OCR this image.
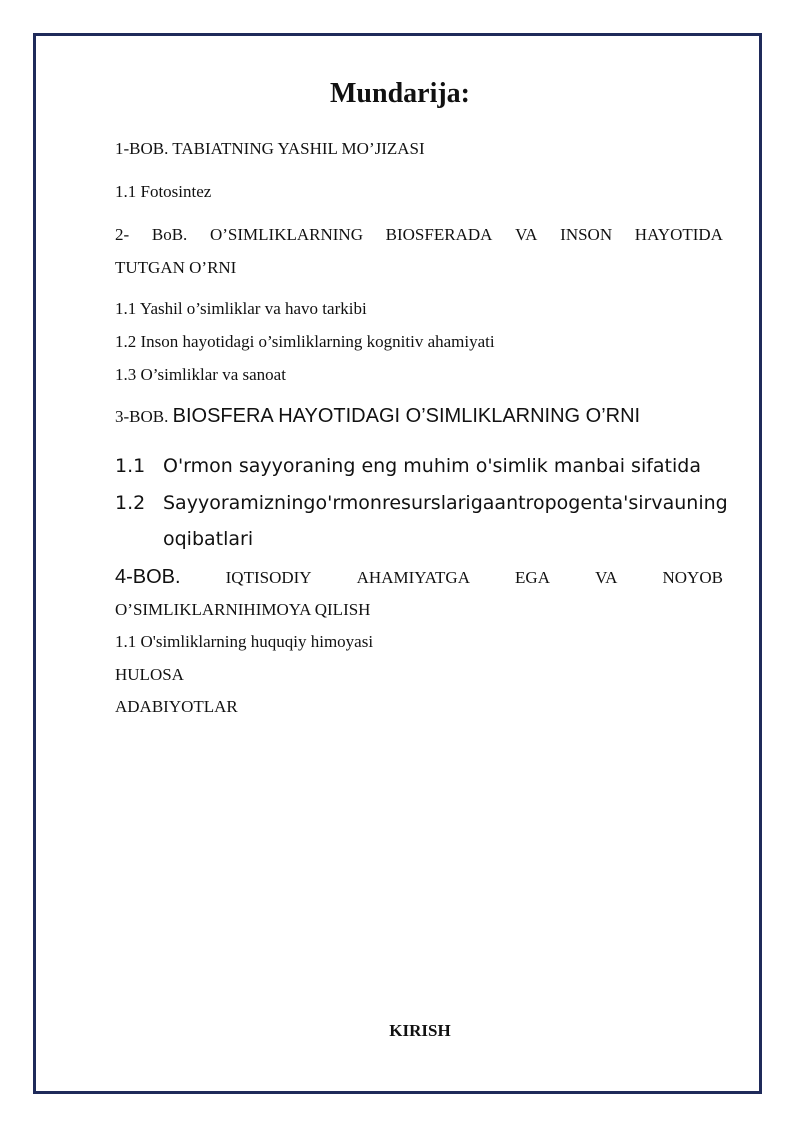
Mundarija:
1-BOB. TABIATNING YASHIL MO’JIZASI
1.1 Fotosintez
2- BoB. O’SIMLIKLARNING BIOSFERADA VA INSON HAYOTIDA
TUTGAN O’RNI
1.1 Yashil o’simliklar va havo tarkibi
1.2 Inson hayotidagi o’simliklarning kognitiv ahamiyati
1.3 O’simliklar va sanoat
3-BOB. BIOSFERA HAYOTIDAGI O’SIMLIKLARNING O’RNI
1.1 O'rmon sayyoraning eng muhim o'simlik manbai sifatida
1.2 Sayyoramizning o'rmon resurslariga antropogen ta'sir va uning
oqibatlari
4-BOB.	IQTISODIY	AHAMIYATGA	EGA	VA	NOYOB
O’SIMLIKLARNIHIMOYA QILISH
1.1 O'simliklarning huquqiy himoyasi
HULOSA
ADABIYOTLAR
KIRISH
